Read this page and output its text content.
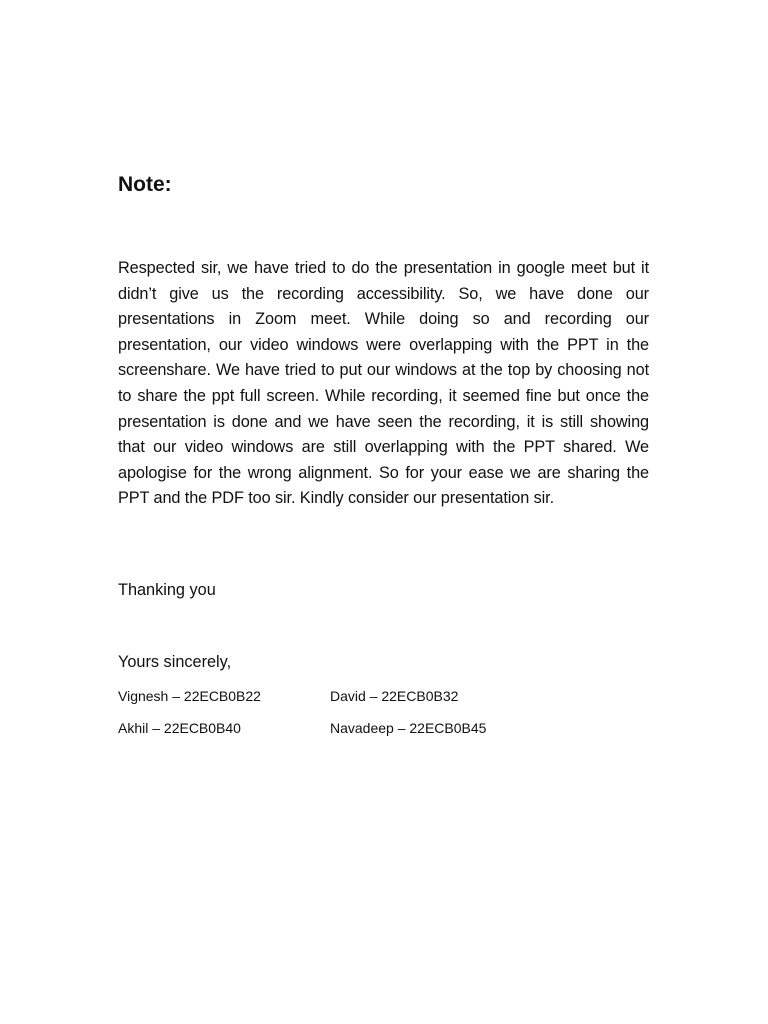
Note:
Respected sir, we have tried to do the presentation in google meet but it didn’t give us the recording accessibility. So, we have done our presentations in Zoom meet. While doing so and recording our presentation, our video windows were overlapping with the PPT in the screenshare. We have tried to put our windows at the top by choosing not to share the ppt full screen. While recording, it seemed fine but once the presentation is done and we have seen the recording, it is still showing that our video windows are still overlapping with the PPT shared. We apologise for the wrong alignment. So for your ease we are sharing the PPT and the PDF too sir. Kindly consider our presentation sir.
Thanking you
Yours sincerely,
Vignesh – 22ECB0B22	David – 22ECB0B32
Akhil – 22ECB0B40	Navadeep – 22ECB0B45
